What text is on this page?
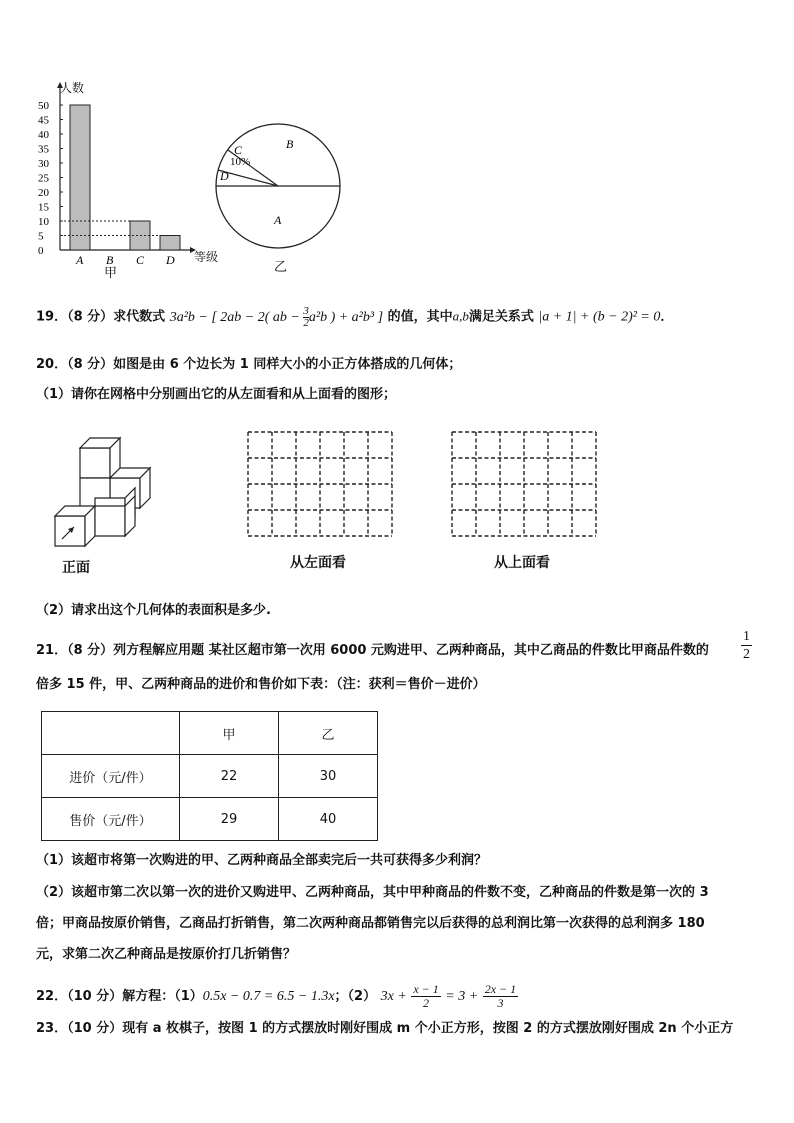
0
5
10
15
20
25
30
35
40
45
50
A B C D
人数
等级
甲
B
C
10%
D
A
乙
19．（8 分）求代数式 3a²b − [ 2ab − 2( ab − $\frac{3}{2} a^2b$ ) + a²b³ ] 的值，其中a,b满足关系式 |a + 1| + (b − 2)² = 0．
20．（8 分）如图是由 6 个边长为 1 同样大小的小正方体搭成的几何体；
（1）请你在网格中分别画出它的从左面看和从上面看的图形；
正面	从左面看	从上面看
（2）请求出这个几何体的表面积是多少.
21．（8 分）列方程解应用题 某社区超市第一次用 6000 元购进甲、乙两种商品，其中乙商品的件数比甲商品件数的 $\frac{1}{2}$
倍多 15 件，甲、乙两种商品的进价和售价如下表：（注：获利＝售价－进价）
	甲	乙
进价（元/件）	22	30
售价（元/件）	29	40
（1）该超市将第一次购进的甲、乙两种商品全部卖完后一共可获得多少利润？
（2）该超市第二次以第一次的进价又购进甲、乙两种商品，其中甲种商品的件数不变，乙种商品的件数是第一次的 3
倍；甲商品按原价销售，乙商品打折销售，第二次两种商品都销售完以后获得的总利润比第一次获得的总利润多 180
元，求第二次乙种商品是按原价打几折销售？
22．（10 分）解方程：（1）0.5x − 0.7 = 6.5 − 1.3x；（2） $3x + \frac{x - 1}{2} = 3 + \frac{2x - 1}{3}$
23．（10 分）现有 a 枚棋子，按图 1 的方式摆放时刚好围成 m 个小正方形，按图 2 的方式摆放刚好围成 2n 个小正方
